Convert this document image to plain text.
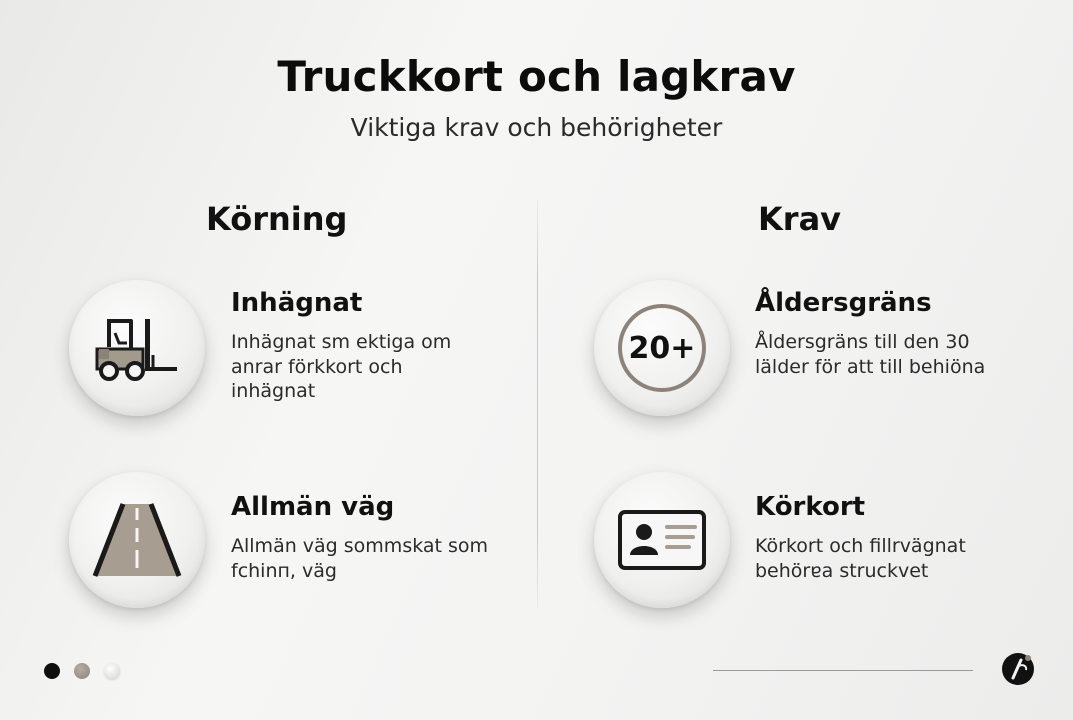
Truckkort och lagkrav
Viktiga krav och behörigheter
Körning	Krav
Inhägnat
Inhägnat sm ektiga om anrar förkkort och inhägnat
Allmän väg
Allmän väg sommskat som fchinп, väg
20+
Åldersgräns
Åldersgräns till den 30 lälder för att till behiöna
Körkort
Körkort och fillrvägnat behörɐa struckvet
